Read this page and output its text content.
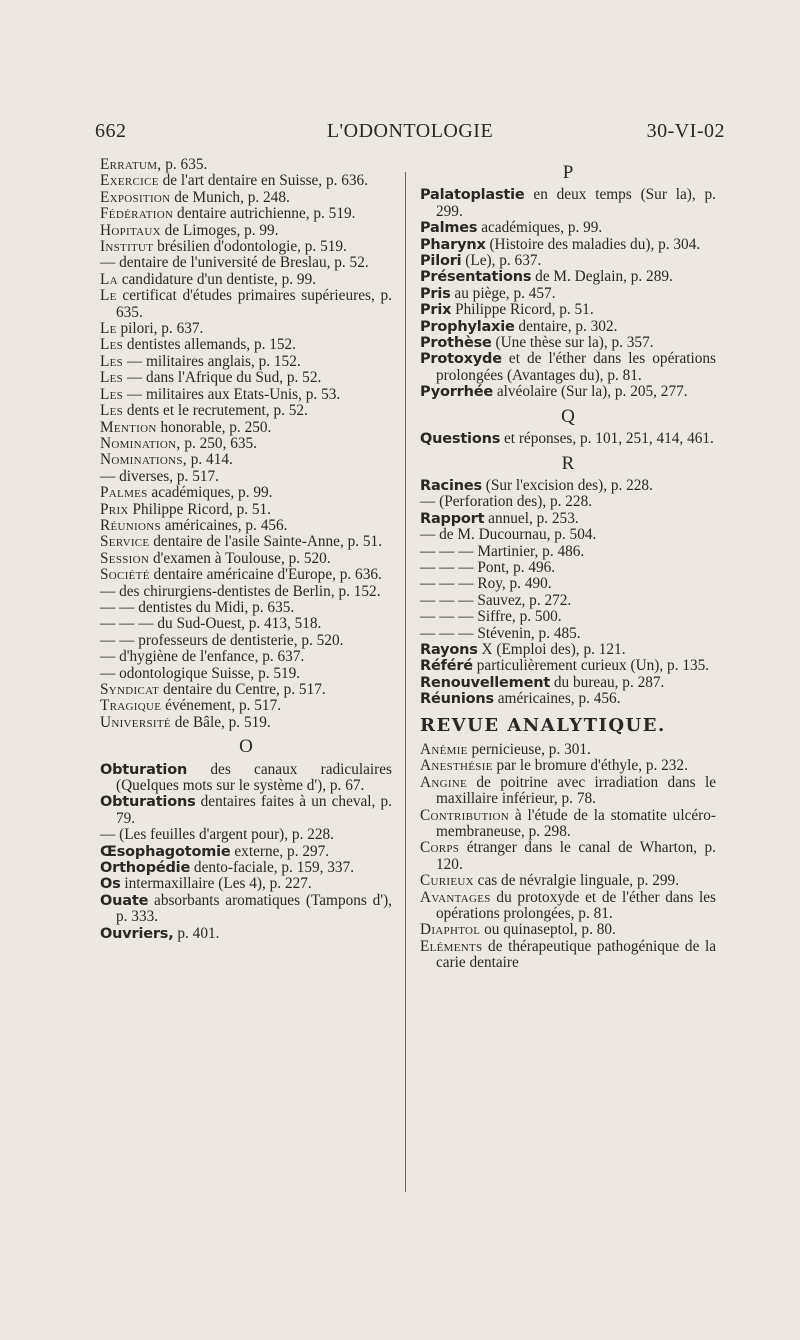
662	L'ODONTOLOGIE	30-VI-02

Erratum, p. 635.

Exercice de l'art dentaire en Suisse, p. 636.

Exposition de Munich, p. 248.

Fédération dentaire autrichienne, p. 519.

Hopitaux de Limoges, p. 99.

Institut brésilien d'odontologie, p. 519.

— dentaire de l'université de Breslau, p. 52.

La candidature d'un dentiste, p. 99.

Le certificat d'études primaires supérieures, p. 635.

Le pilori, p. 637.

Les dentistes allemands, p. 152.

Les — militaires anglais, p. 152.

Les — dans l'Afrique du Sud, p. 52.

Les — militaires aux Etats-Unis, p. 53.

Les dents et le recrutement, p. 52.

Mention honorable, p. 250.

Nomination, p. 250, 635.

Nominations, p. 414.

— diverses, p. 517.

Palmes académiques, p. 99.

Prix Philippe Ricord, p. 51.

Réunions américaines, p. 456.

Service dentaire de l'asile Sainte-Anne, p. 51.

Session d'examen à Toulouse, p. 520.

Société dentaire américaine d'Europe, p. 636.

— des chirurgiens-dentistes de Berlin, p. 152.

— — dentistes du Midi, p. 635.

— — — du Sud-Ouest, p. 413, 518.

— — professeurs de dentisterie, p. 520.

— d'hygiène de l'enfance, p. 637.

— odontologique Suisse, p. 519.

Syndicat dentaire du Centre, p. 517.

Tragique événement, p. 517.

Université de Bâle, p. 519.

O

Obturation des canaux radiculaires (Quelques mots sur le système d'), p. 67.

Obturations dentaires faites à un cheval, p. 79.

— (Les feuilles d'argent pour), p. 228.

Œsophagotomie externe, p. 297.

Orthopédie dento-faciale, p. 159, 337.

Os intermaxillaire (Les 4), p. 227.

Ouate absorbants aromatiques (Tampons d'), p. 333.

Ouvriers, p. 401.

P

Palatoplastie en deux temps (Sur la), p. 299.

Palmes académiques, p. 99.

Pharynx (Histoire des maladies du), p. 304.

Pilori (Le), p. 637.

Présentations de M. Deglain, p. 289.

Pris au piège, p. 457.

Prix Philippe Ricord, p. 51.

Prophylaxie dentaire, p. 302.

Prothèse (Une thèse sur la), p. 357.

Protoxyde et de l'éther dans les opérations prolongées (Avantages du), p. 81.

Pyorrhée alvéolaire (Sur la), p. 205, 277.

Q

Questions et réponses, p. 101, 251, 414, 461.

R

Racines (Sur l'excision des), p. 228.

— (Perforation des), p. 228.

Rapport annuel, p. 253.

— de M. Ducournau, p. 504.

— — — Martinier, p. 486.

— — — Pont, p. 496.

— — — Roy, p. 490.

— — — Sauvez, p. 272.

— — — Siffre, p. 500.

— — — Stévenin, p. 485.

Rayons X (Emploi des), p. 121.

Référé particulièrement curieux (Un), p. 135.

Renouvellement du bureau, p. 287.

Réunions américaines, p. 456.

REVUE ANALYTIQUE.

Anémie pernicieuse, p. 301.

Anesthésie par le bromure d'éthyle, p. 232.

Angine de poitrine avec irradiation dans le maxillaire inférieur, p. 78.

Contribution à l'étude de la stomatite ulcéro-membraneuse, p. 298.

Corps étranger dans le canal de Wharton, p. 120.

Curieux cas de névralgie linguale, p. 299.

Avantages du protoxyde et de l'éther dans les opérations prolongées, p. 81.

Diaphtol ou quinaseptol, p. 80.

Eléments de thérapeutique pathogénique de la carie dentaire
